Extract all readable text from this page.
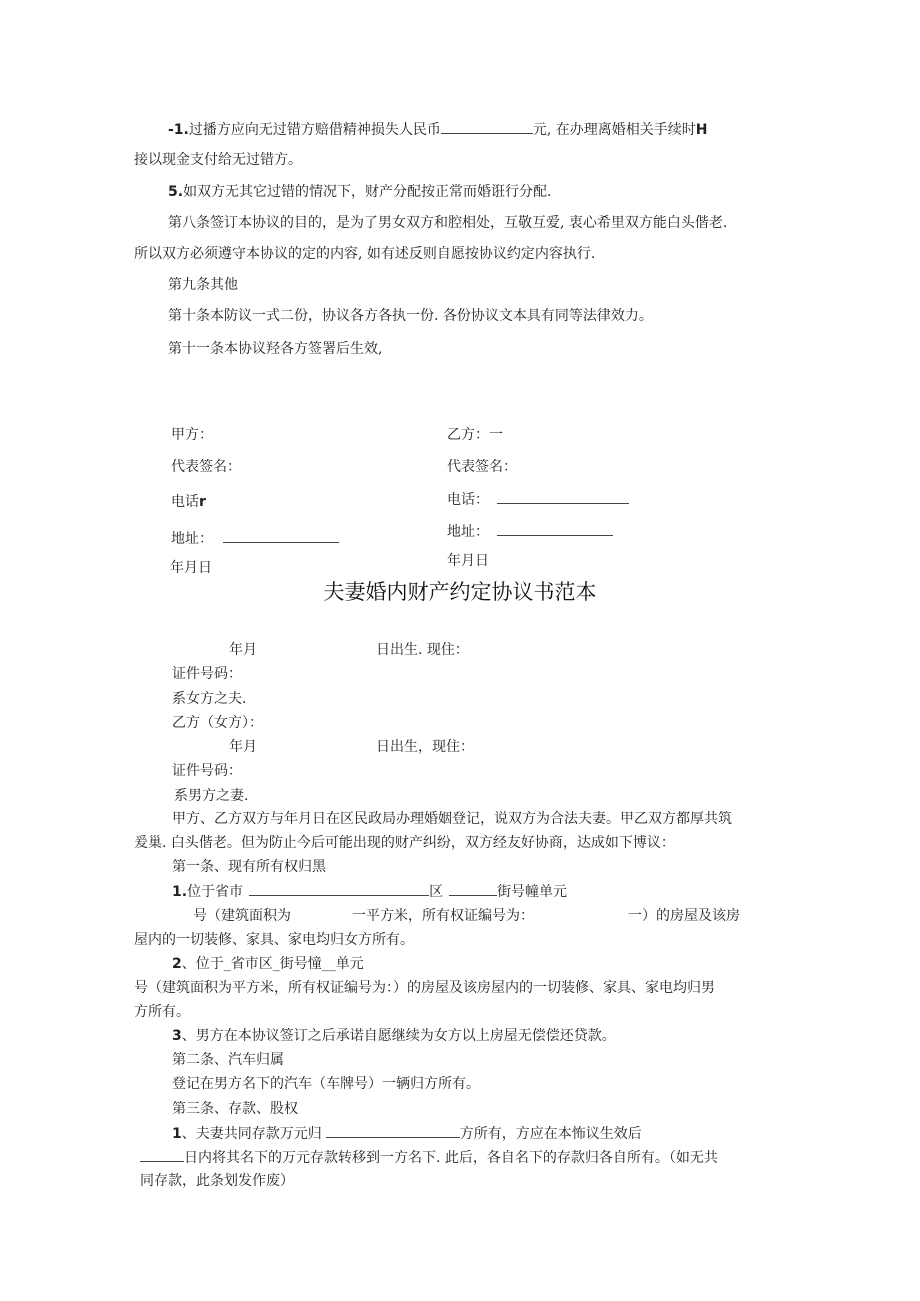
-1.过播方应向无过错方赔借精神损失人民币	元, 在办理离婚相关手续时H
接以现金支付给无过错方。
5.如双方无其它过错的情况下，财产分配按正常而婚诳行分配.
第八条签订本协议的目的，是为了男女双方和腔相处，互敬互爱, 衷心希里双方能白头偕老.
所以双方必须遵守本协议的定的内容, 如有述反则自愿按协议约定内容执行.
第九条其他
第十条本防议一式二份，协议各方各执一份. 各份协议文本具有同等法律效力。
第十一条本协议羟各方签署后生效,
甲方：	乙方：一
代表签名：	代表签名：
电话r	电话：
地址：	地址：
年月日	年月日
夫妻婚内财产约定协议书范本
年月	日出生. 现住：
证件号码：
系女方之夫.
乙方（女方）：
年月	日出生，现住：
证件号码：
系男方之妻.
甲方、乙方双方与年月日在区民政局办理婚姻登记，说双方为合法夫妻。甲乙双方都厚共筑
爰巢. 白头偕老。但为防止今后可能出现的财产纠纷，双方经友好协商，达成如下博议：
第一条、现有所有权归黑
1.位于省市	区	街号幢单元
号（建筑面积为	一平方米，所有权证编号为：	一）的房屋及该房
屋内的一切装修、家具、家电均归女方所有。
2、位于_省市区_街号憧__单元
号（建筑面积为平方米，所有权证编号为：）的房屋及该房屋内的一切装修、家具、家电均归男
方所有。
3、男方在本协议签订之后承诺自愿继续为女方以上房屋无偿偿还贷款。
第二条、汽车归属
登记在男方名下的汽车（车牌号）一辆归方所有。
第三条、存款、股权
1、夫妻共同存款万元归	方所有，方应在本怖议生效后
日内将其名下的万元存款转移到一方名下. 此后，各自名下的存款归各自所有。（如无共
同存款，此条划发作废）
